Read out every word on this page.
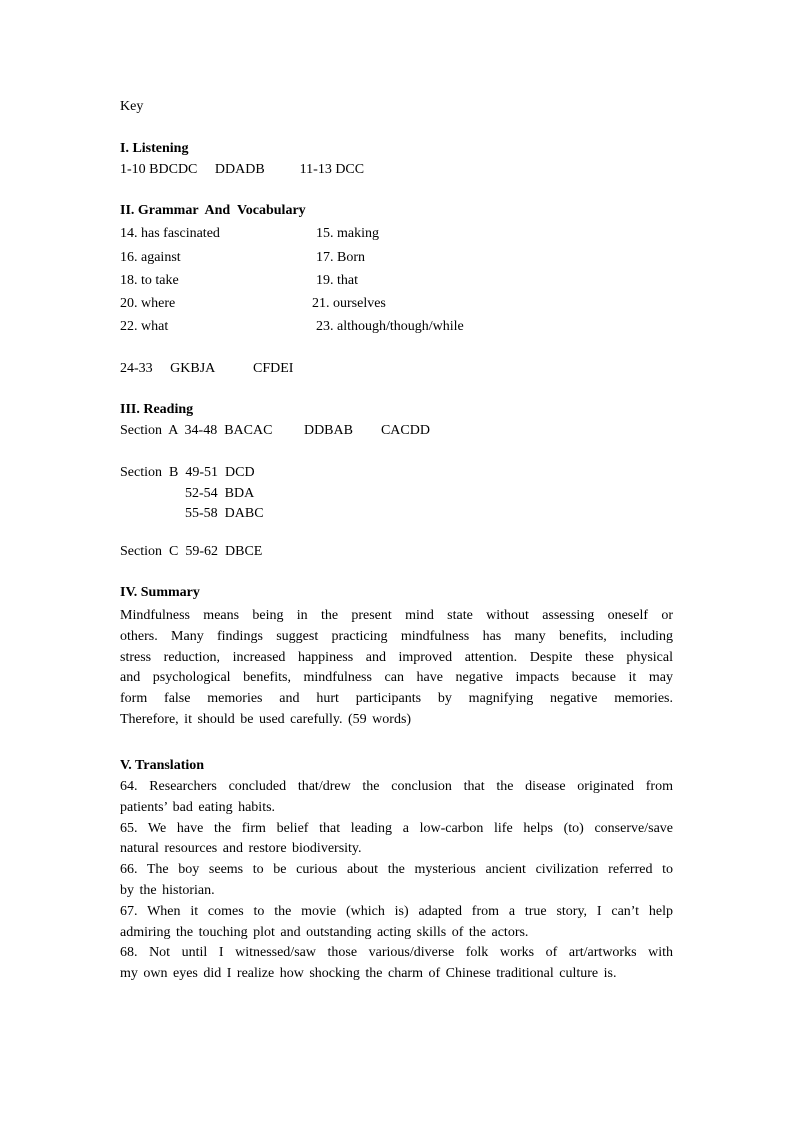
Key
I. Listening
1-10 BDCDC     DDADB          11-13 DCC
II. Grammar  And  Vocabulary
14. has fascinated	15. making
16. against	17. Born
18. to take	19. that
20. where	21. ourselves
22. what	23. although/though/while
24-33     GKBJA           CFDEI
III. Reading
Section  A  34-48  BACAC         DDBAB        CACDD
Section  B  49-51  DCD
52-54  BDA
55-58  DABC
Section  C  59-62  DBCE
IV. Summary
Mindfulness means being in the present mind state without assessing oneself or
others. Many findings suggest practicing mindfulness has many benefits, including
stress reduction, increased happiness and improved attention. Despite these physical
and psychological benefits, mindfulness can have negative impacts because it may
form false memories and hurt participants by magnifying negative memories.
Therefore, it should be used carefully. (59 words)
V. Translation
64. Researchers concluded that/drew the conclusion that the disease originated from
patients’ bad eating habits.
65. We have the firm belief that leading a low-carbon life helps (to) conserve/save
natural resources and restore biodiversity.
66. The boy seems to be curious about the mysterious ancient civilization referred to
by the historian.
67. When it comes to the movie (which is) adapted from a true story, I can’t help
admiring the touching plot and outstanding acting skills of the actors.
68. Not until I witnessed/saw those various/diverse folk works of art/artworks with
my own eyes did I realize how shocking the charm of Chinese traditional culture is.
